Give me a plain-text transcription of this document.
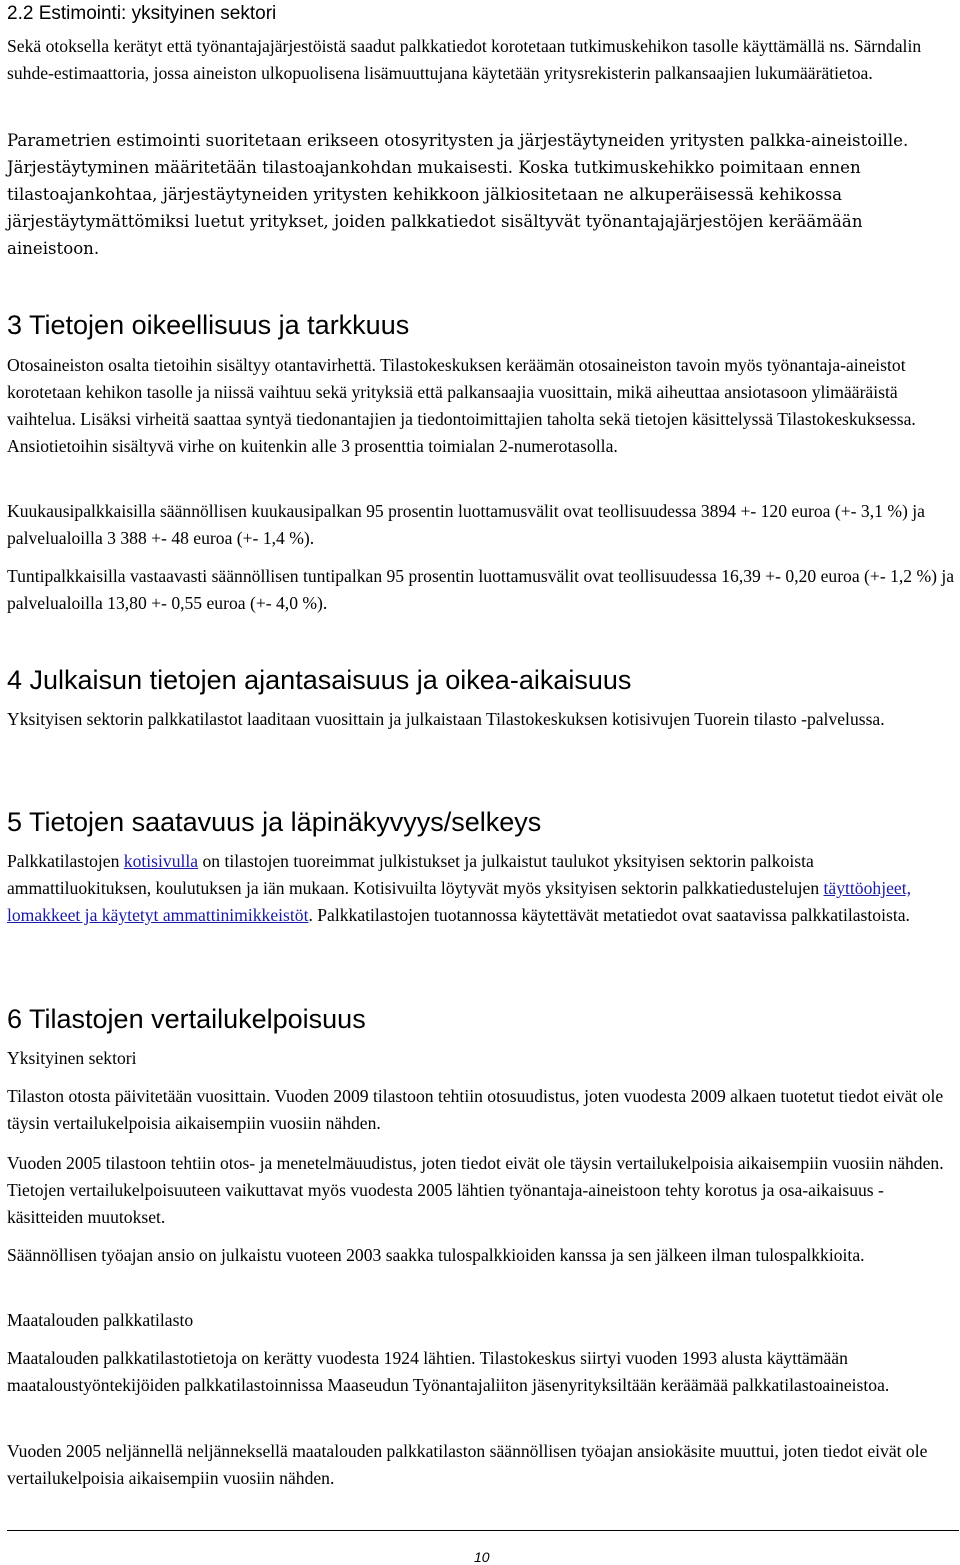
2.2 Estimointi: yksityinen sektori

Sekä otoksella kerätyt että työnantajajärjestöistä saadut palkkatiedot korotetaan tutkimuskehikon tasolle käyttämällä ns. Särndalin suhde-estimaattoria, jossa aineiston ulkopuolisena lisämuuttujana käytetään yritysrekisterin palkansaajien lukumäärätietoa.

Parametrien estimointi suoritetaan erikseen otosyritysten ja järjestäytyneiden yritysten palkka-aineistoille. Järjestäytyminen määritetään tilastoajankohdan mukaisesti. Koska tutkimuskehikko poimitaan ennen tilastoajankohtaa, järjestäytyneiden yritysten kehikkoon jälkiositetaan ne alkuperäisessä kehikossa järjestäytymättömiksi luetut yritykset, joiden palkkatiedot sisältyvät työnantajajärjestöjen keräämään aineistoon.

3 Tietojen oikeellisuus ja tarkkuus

Otosaineiston osalta tietoihin sisältyy otantavirhettä. Tilastokeskuksen keräämän otosaineiston tavoin myös työnantaja-aineistot korotetaan kehikon tasolle ja niissä vaihtuu sekä yrityksiä että palkansaajia vuosittain, mikä aiheuttaa ansiotasoon ylimääräistä vaihtelua. Lisäksi virheitä saattaa syntyä tiedonantajien ja tiedontoimittajien taholta sekä tietojen käsittelyssä Tilastokeskuksessa. Ansiotietoihin sisältyvä virhe on kuitenkin alle 3 prosenttia toimialan 2-numerotasolla.

Kuukausipalkkaisilla säännöllisen kuukausipalkan 95 prosentin luottamusvälit ovat teollisuudessa 3894 +- 120 euroa (+- 3,1 %) ja palvelualoilla 3 388 +- 48 euroa (+- 1,4 %).

Tuntipalkkaisilla vastaavasti säännöllisen tuntipalkan 95 prosentin luottamusvälit ovat teollisuudessa 16,39 +- 0,20 euroa (+- 1,2 %) ja palvelualoilla 13,80 +- 0,55 euroa (+- 4,0 %).

4 Julkaisun tietojen ajantasaisuus ja oikea-aikaisuus

Yksityisen sektorin palkkatilastot laaditaan vuosittain ja julkaistaan Tilastokeskuksen kotisivujen Tuorein tilasto -palvelussa.

5 Tietojen saatavuus ja läpinäkyvyys/selkeys

Palkkatilastojen kotisivulla on tilastojen tuoreimmat julkistukset ja julkaistut taulukot yksityisen sektorin palkoista ammattiluokituksen, koulutuksen ja iän mukaan. Kotisivuilta löytyvät myös yksityisen sektorin palkkatiedustelujen täyttöohjeet, lomakkeet ja käytetyt ammattinimikkeistöt. Palkkatilastojen tuotannossa käytettävät metatiedot ovat saatavissa palkkatilastoista.

6 Tilastojen vertailukelpoisuus
Yksityinen sektori

Tilaston otosta päivitetään vuosittain. Vuoden 2009 tilastoon tehtiin otosuudistus, joten vuodesta 2009 alkaen tuotetut tiedot eivät ole täysin vertailukelpoisia aikaisempiin vuosiin nähden.

Vuoden 2005 tilastoon tehtiin otos- ja menetelmäuudistus, joten tiedot eivät ole täysin vertailukelpoisia aikaisempiin vuosiin nähden. Tietojen vertailukelpoisuuteen vaikuttavat myös vuodesta 2005 lähtien työnantaja-aineistoon tehty korotus ja osa-aikaisuus -käsitteiden muutokset.

Säännöllisen työajan ansio on julkaistu vuoteen 2003 saakka tulospalkkioiden kanssa ja sen jälkeen ilman tulospalkkioita.

Maatalouden palkkatilasto

Maatalouden palkkatilastotietoja on kerätty vuodesta 1924 lähtien. Tilastokeskus siirtyi vuoden 1993 alusta käyttämään maataloustyöntekijöiden palkkatilastoinnissa Maaseudun Työnantajaliiton jäsenyrityksiltään keräämää palkkatilastoaineistoa.

Vuoden 2005 neljännellä neljänneksellä maatalouden palkkatilaston säännöllisen työajan ansiokäsite muuttui, joten tiedot eivät ole vertailukelpoisia aikaisempiin vuosiin nähden.

10
